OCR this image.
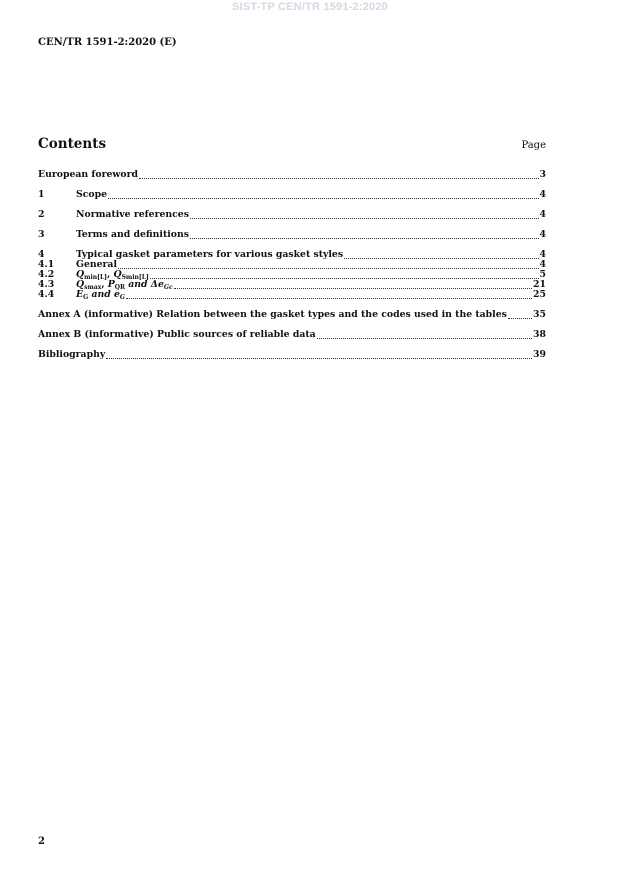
SIST-TP CEN/TR 1591-2:2020
CEN/TR 1591-2:2020 (E)
Contents	Page
European foreword	3
1	Scope	4
2	Normative references	4
3	Terms and definitions	4
4	Typical gasket parameters for various gasket styles	4
4.1	General	4
4.2	$Q_{min[L]}$, $Q_{Smin[L]}$	5
4.3	$Q_{smax}$, $P_{QR}$ and $\Delta e_{Gc}$	21
4.4	$E_G$ and $e_G$	25
Annex A (informative) Relation between the gasket types and the codes used in the tables	35
Annex B (informative) Public sources of reliable data	38
Bibliography	39
2
